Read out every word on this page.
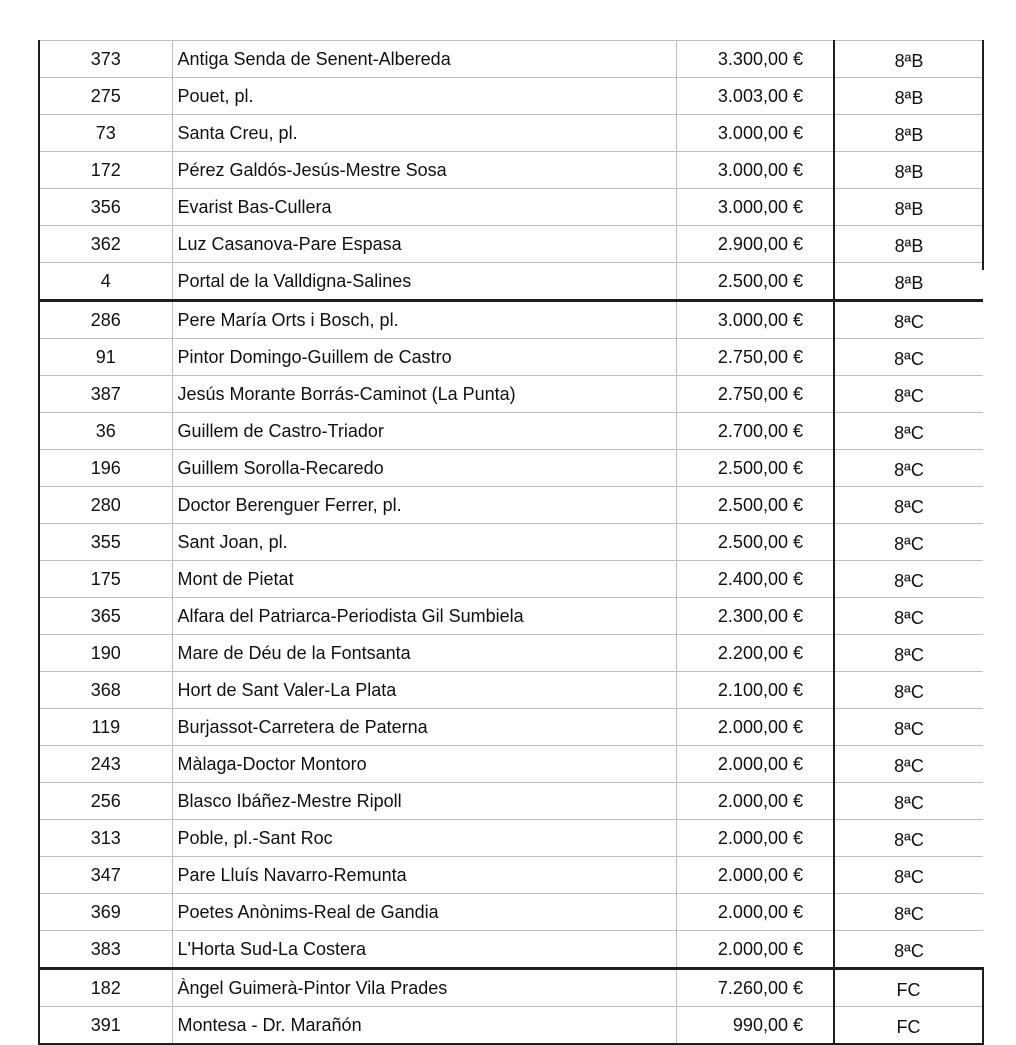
373	Antiga Senda de Senent-Albereda	3.300,00 €	8ªB
275	Pouet, pl.	3.003,00 €	8ªB
73	Santa Creu, pl.	3.000,00 €	8ªB
172	Pérez Galdós-Jesús-Mestre Sosa	3.000,00 €	8ªB
356	Evarist Bas-Cullera	3.000,00 €	8ªB
362	Luz Casanova-Pare Espasa	2.900,00 €	8ªB
4	Portal de la Valldigna-Salines	2.500,00 €	8ªB
286	Pere María Orts i Bosch, pl.	3.000,00 €	8ªC
91	Pintor Domingo-Guillem de Castro	2.750,00 €	8ªC
387	Jesús Morante Borrás-Caminot (La Punta)	2.750,00 €	8ªC
36	Guillem de Castro-Triador	2.700,00 €	8ªC
196	Guillem Sorolla-Recaredo	2.500,00 €	8ªC
280	Doctor Berenguer Ferrer, pl.	2.500,00 €	8ªC
355	Sant Joan, pl.	2.500,00 €	8ªC
175	Mont de Pietat	2.400,00 €	8ªC
365	Alfara del Patriarca-Periodista Gil Sumbiela	2.300,00 €	8ªC
190	Mare de Déu de la Fontsanta	2.200,00 €	8ªC
368	Hort de Sant Valer-La Plata	2.100,00 €	8ªC
119	Burjassot-Carretera de Paterna	2.000,00 €	8ªC
243	Màlaga-Doctor Montoro	2.000,00 €	8ªC
256	Blasco Ibáñez-Mestre Ripoll	2.000,00 €	8ªC
313	Poble, pl.-Sant Roc	2.000,00 €	8ªC
347	Pare Lluís Navarro-Remunta	2.000,00 €	8ªC
369	Poetes Anònims-Real de Gandia	2.000,00 €	8ªC
383	L'Horta Sud-La Costera	2.000,00 €	8ªC
182	Àngel Guimerà-Pintor Vila Prades	7.260,00 €	FC
391	Montesa - Dr. Marañón	990,00 €	FC
